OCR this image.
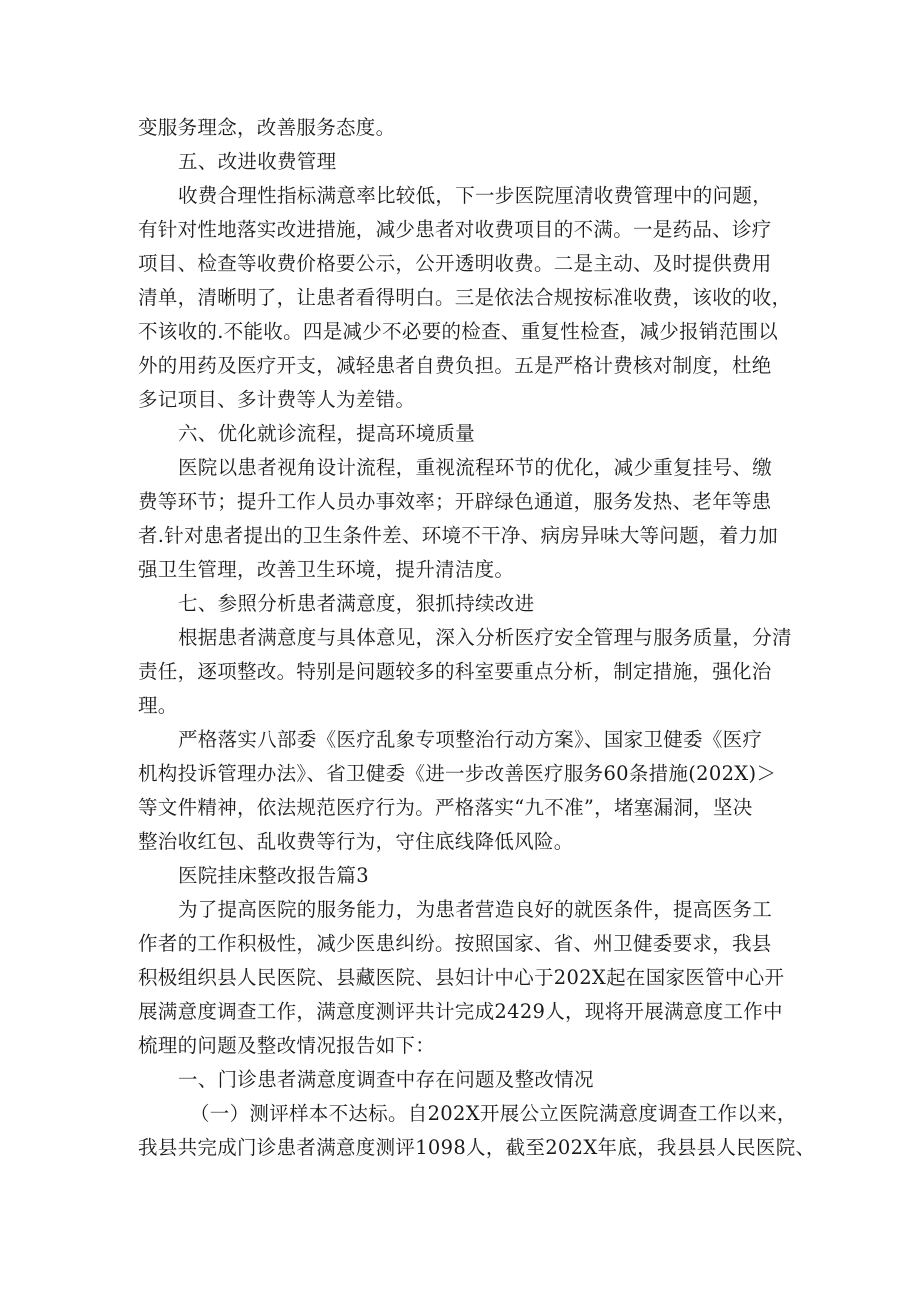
变服务理念，改善服务态度。
五、改进收费管理
收费合理性指标满意率比较低，下一步医院厘清收费管理中的问题，
有针对性地落实改进措施，减少患者对收费项目的不满。一是药品、诊疗
项目、检查等收费价格要公示，公开透明收费。二是主动、及时提供费用
清单，清晰明了，让患者看得明白。三是依法合规按标准收费，该收的收，
不该收的.不能收。四是减少不必要的检查、重复性检查，减少报销范围以
外的用药及医疗开支，减轻患者自费负担。五是严格计费核对制度，杜绝
多记项目、多计费等人为差错。
六、优化就诊流程，提高环境质量
医院以患者视角设计流程，重视流程环节的优化，减少重复挂号、缴
费等环节；提升工作人员办事效率；开辟绿色通道，服务发热、老年等患
者.针对患者提出的卫生条件差、环境不干净、病房异味大等问题，着力加
强卫生管理，改善卫生环境，提升清洁度。
七、参照分析患者满意度，狠抓持续改进
根据患者满意度与具体意见，深入分析医疗安全管理与服务质量，分清
责任，逐项整改。特别是问题较多的科室要重点分析，制定措施，强化治
理。
严格落实八部委《医疗乱象专项整治行动方案》、国家卫健委《医疗
机构投诉管理办法》、省卫健委《进一步改善医疗服务60条措施(202X)＞
等文件精神，依法规范医疗行为。严格落实“九不准”，堵塞漏洞，坚决
整治收红包、乱收费等行为，守住底线降低风险。
医院挂床整改报告篇3
为了提高医院的服务能力，为患者营造良好的就医条件，提高医务工
作者的工作积极性，减少医患纠纷。按照国家、省、州卫健委要求，我县
积极组织县人民医院、县藏医院、县妇计中心于202X起在国家医管中心开
展满意度调查工作，满意度测评共计完成2429人，现将开展满意度工作中
梳理的问题及整改情况报告如下：
一、门诊患者满意度调查中存在问题及整改情况
（一）测评样本不达标。自202X开展公立医院满意度调查工作以来，
我县共完成门诊患者满意度测评1098人，截至202X年底，我县县人民医院、
